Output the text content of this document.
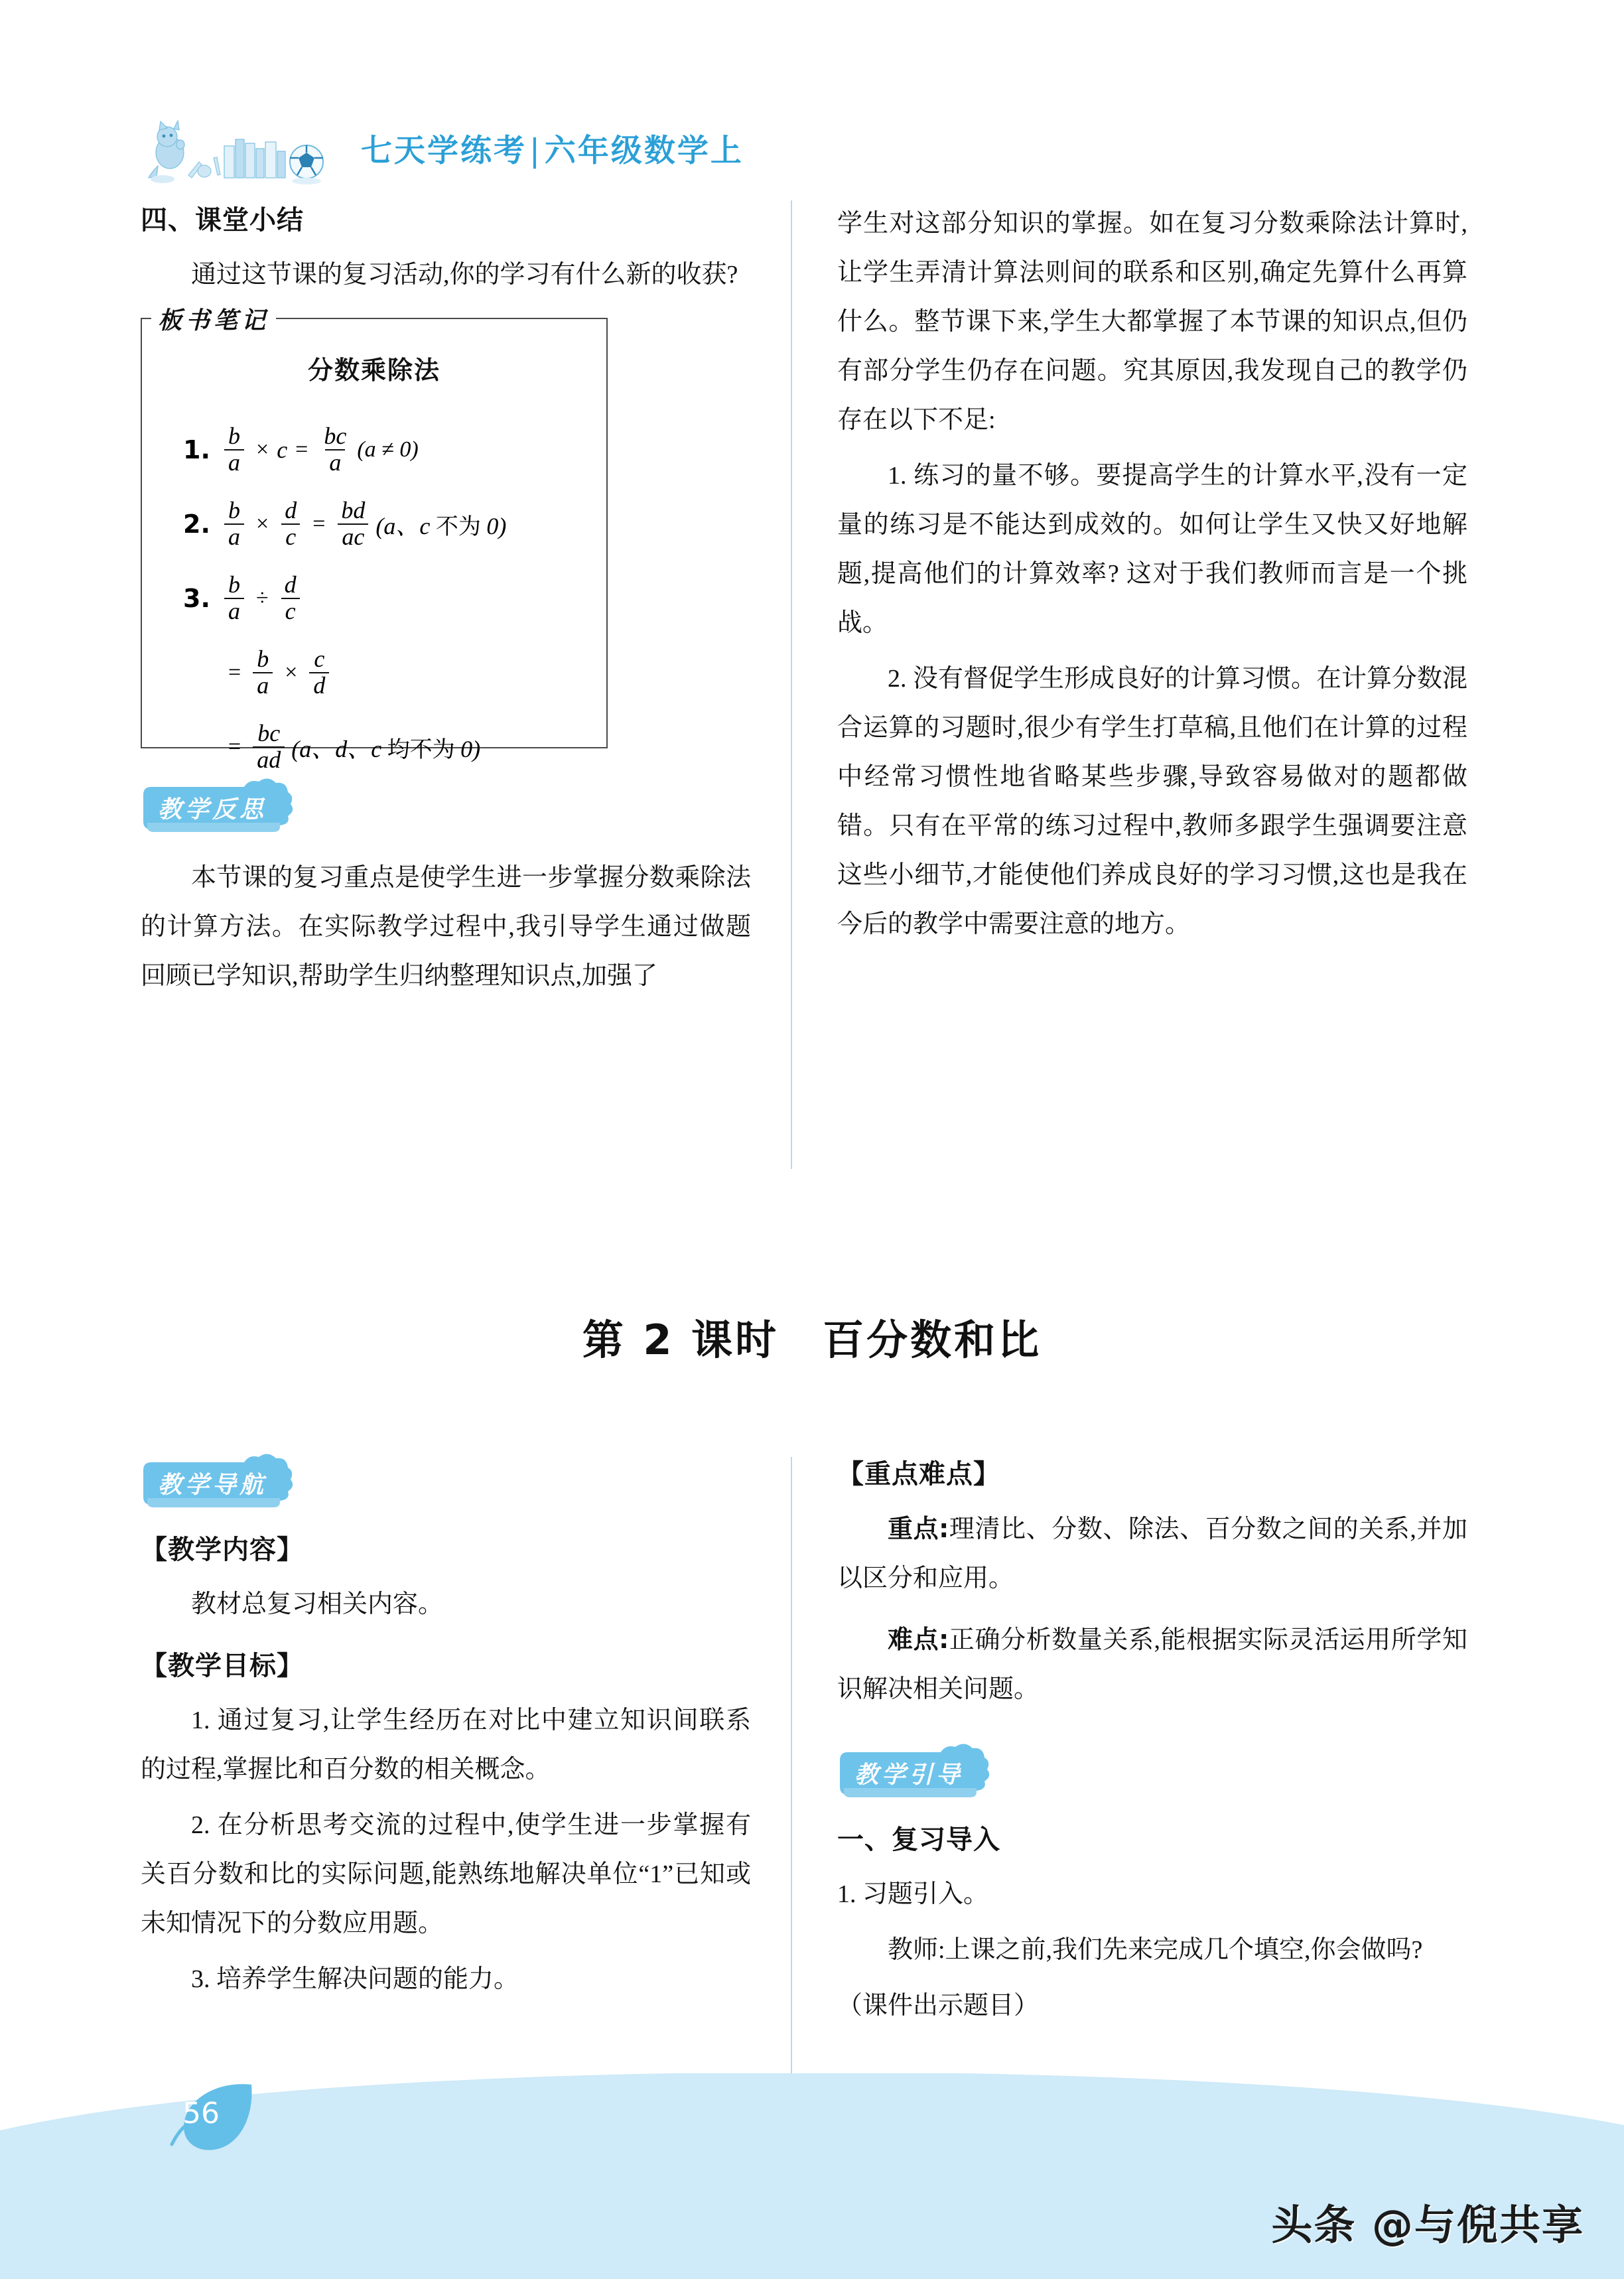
七天学练考|六年级数学上
四、课堂小结

通过这节课的复习活动,你的学习有什么新的收获?

板书笔记
分数乘除法
1. $\frac{b}{a} \times c = \frac{bc}{a} (a \ne 0)$
2. $\frac{b}{a} \times \frac{d}{c} = \frac{bd}{ac} (a$、c 不为 0)
3. $\frac{b}{a} \div \frac{d}{c}$
= $\frac{b}{a} \times \frac{c}{d}$
= $\frac{bc}{ad} (a$、d、c 均不为 0)
教学反思

本节课的复习重点是使学生进一步掌握分数乘除法的计算方法。在实际教学过程中,我引导学生通过做题回顾已学知识,帮助学生归纳整理知识点,加强了

学生对这部分知识的掌握。如在复习分数乘除法计算时,让学生弄清计算法则间的联系和区别,确定先算什么再算什么。整节课下来,学生大都掌握了本节课的知识点,但仍有部分学生仍存在问题。究其原因,我发现自己的教学仍存在以下不足:

1. 练习的量不够。要提高学生的计算水平,没有一定量的练习是不能达到成效的。如何让学生又快又好地解题,提高他们的计算效率? 这对于我们教师而言是一个挑战。

2. 没有督促学生形成良好的计算习惯。在计算分数混合运算的习题时,很少有学生打草稿,且他们在计算的过程中经常习惯性地省略某些步骤,导致容易做对的题都做错。只有在平常的练习过程中,教师多跟学生强调要注意这些小细节,才能使他们养成良好的学习习惯,这也是我在今后的教学中需要注意的地方。

第 2 课时　百分数和比
教学导航
【教学内容】

教材总复习相关内容。

【教学目标】

1. 通过复习,让学生经历在对比中建立知识间联系的过程,掌握比和百分数的相关概念。

2. 在分析思考交流的过程中,使学生进一步掌握有关百分数和比的实际问题,能熟练地解决单位“1”已知或未知情况下的分数应用题。

3. 培养学生解决问题的能力。

【重点难点】

重点:理清比、分数、除法、百分数之间的关系,并加以区分和应用。

难点:正确分析数量关系,能根据实际灵活运用所学知识解决相关问题。

教学引导
一、复习导入

1. 习题引入。

教师:上课之前,我们先来完成几个填空,你会做吗?

（课件出示题目）

56
头条 @与倪共享
